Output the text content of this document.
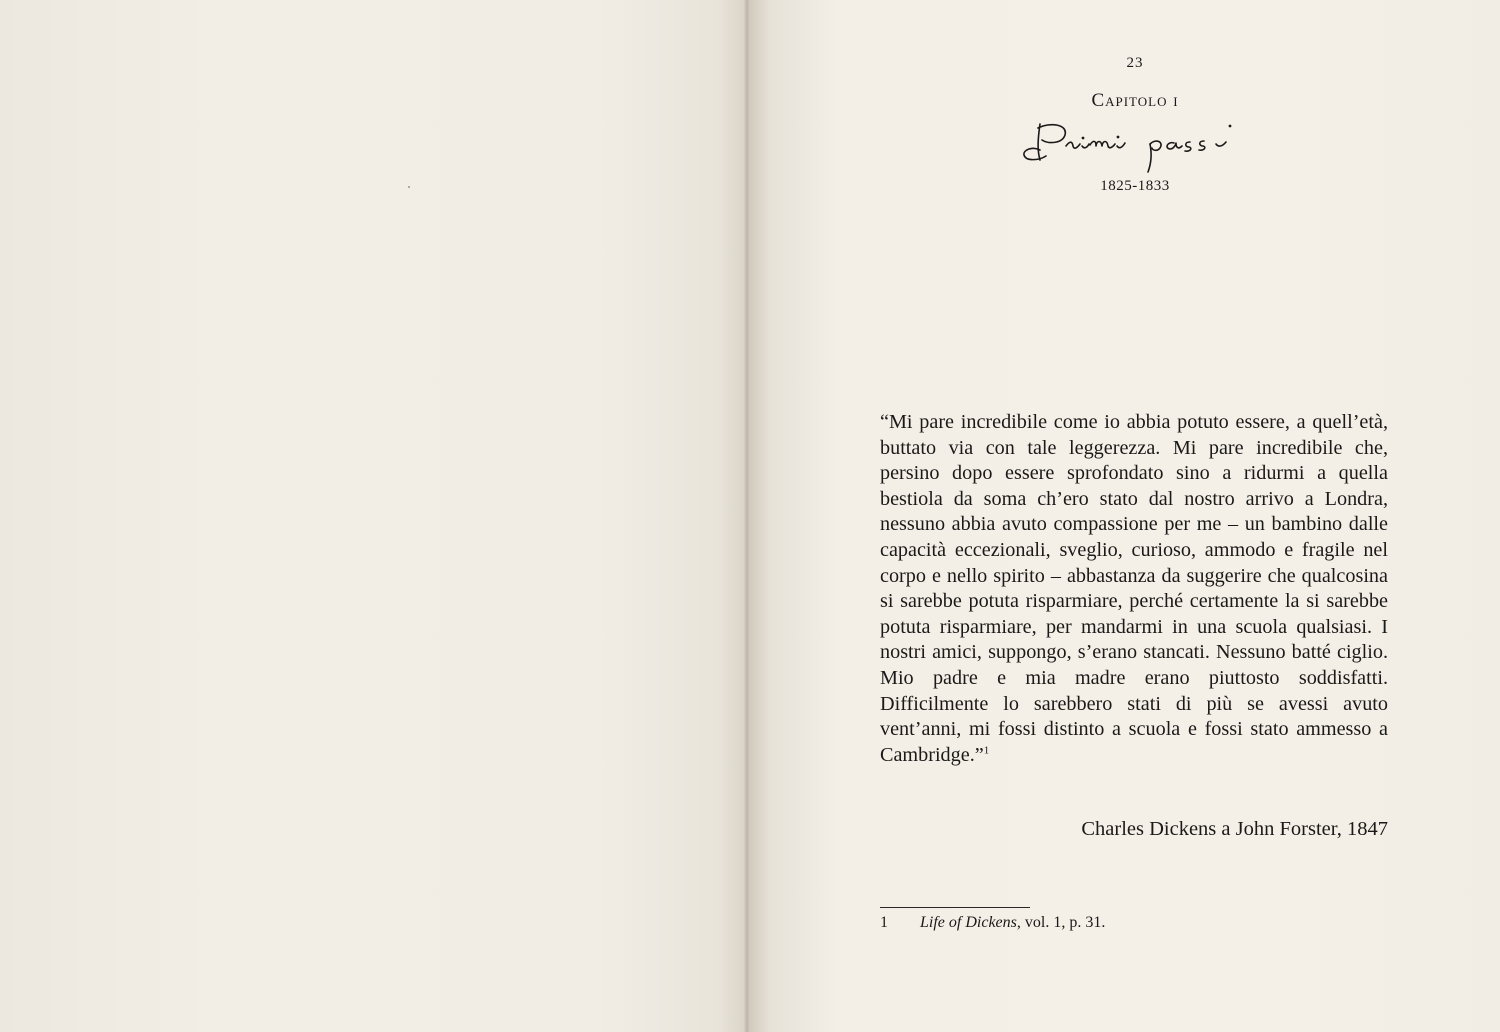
23
Capitolo i
1825-1833

“Mi pare incredibile come io abbia potuto essere, a quell’età, buttato via con tale leggerezza. Mi pare incredibile che, persino dopo essere sprofondato sino a ridurmi a quella bestiola da soma ch’ero stato dal nostro arrivo a Londra, nessuno abbia avuto compassione per me – un bambino dalle capacità eccezionali, sveglio, curioso, ammodo e fragile nel corpo e nello spirito – abbastanza da suggerire che qualcosina si sarebbe potuta risparmiare, perché certamente la si sarebbe potuta risparmiare, per mandarmi in una scuola qualsiasi. I nostri amici, suppongo, s’erano stancati. Nessuno batté ciglio. Mio padre e mia madre erano piuttosto soddisfatti. Difficilmente lo sarebbero stati di più se avessi avuto vent’anni, mi fossi distinto a scuola e fossi stato ammesso a Cambridge.”$^1$

Charles Dickens a John Forster, 1847
1 Life of Dickens, vol. 1, p. 31.
